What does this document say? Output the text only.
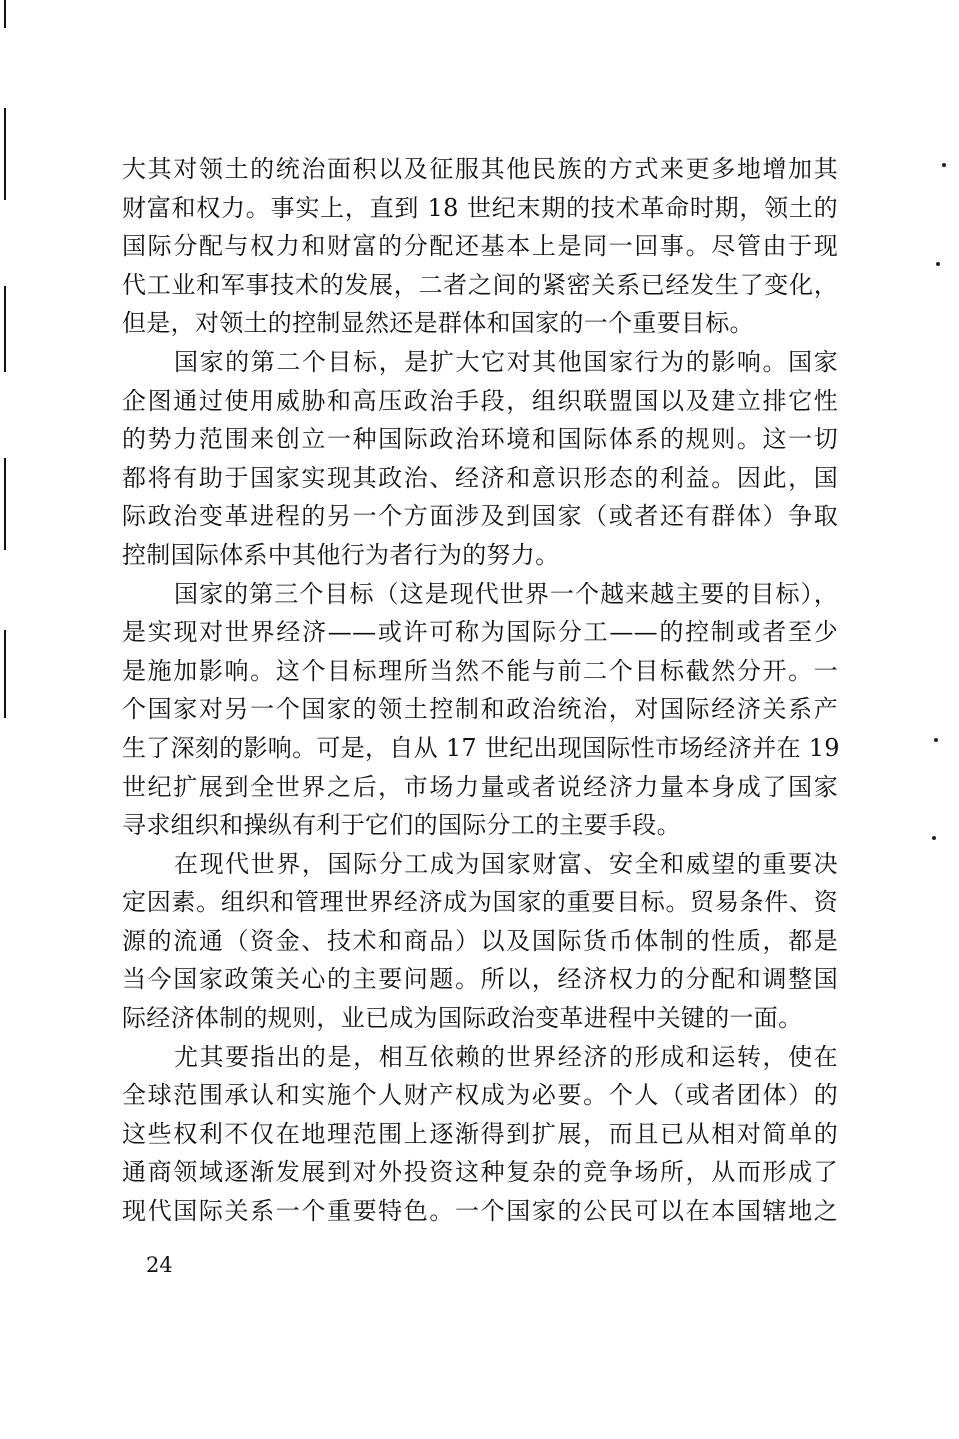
大其对领土的统治面积以及征服其他民族的方式来更多地增加其
财富和权力。事实上，直到 18 世纪末期的技术革命时期，领土的
国际分配与权力和财富的分配还基本上是同一回事。尽管由于现
代工业和军事技术的发展，二者之间的紧密关系已经发生了变化，
但是，对领土的控制显然还是群体和国家的一个重要目标。
国家的第二个目标，是扩大它对其他国家行为的影响。国家
企图通过使用威胁和高压政治手段，组织联盟国以及建立排它性
的势力范围来创立一种国际政治环境和国际体系的规则。这一切
都将有助于国家实现其政治、经济和意识形态的利益。因此，国
际政治变革进程的另一个方面涉及到国家（或者还有群体）争取
控制国际体系中其他行为者行为的努力。
国家的第三个目标（这是现代世界一个越来越主要的目标），
是实现对世界经济——或许可称为国际分工——的控制或者至少
是施加影响。这个目标理所当然不能与前二个目标截然分开。一
个国家对另一个国家的领土控制和政治统治，对国际经济关系产
生了深刻的影响。可是，自从 17 世纪出现国际性市场经济并在 19
世纪扩展到全世界之后，市场力量或者说经济力量本身成了国家
寻求组织和操纵有利于它们的国际分工的主要手段。
在现代世界，国际分工成为国家财富、安全和威望的重要决
定因素。组织和管理世界经济成为国家的重要目标。贸易条件、资
源的流通（资金、技术和商品）以及国际货币体制的性质，都是
当今国家政策关心的主要问题。所以，经济权力的分配和调整国
际经济体制的规则，业已成为国际政治变革进程中关键的一面。
尤其要指出的是，相互依赖的世界经济的形成和运转，使在
全球范围承认和实施个人财产权成为必要。个人（或者团体）的
这些权利不仅在地理范围上逐渐得到扩展，而且已从相对简单的
通商领域逐渐发展到对外投资这种复杂的竞争场所，从而形成了
现代国际关系一个重要特色。一个国家的公民可以在本国辖地之
24
